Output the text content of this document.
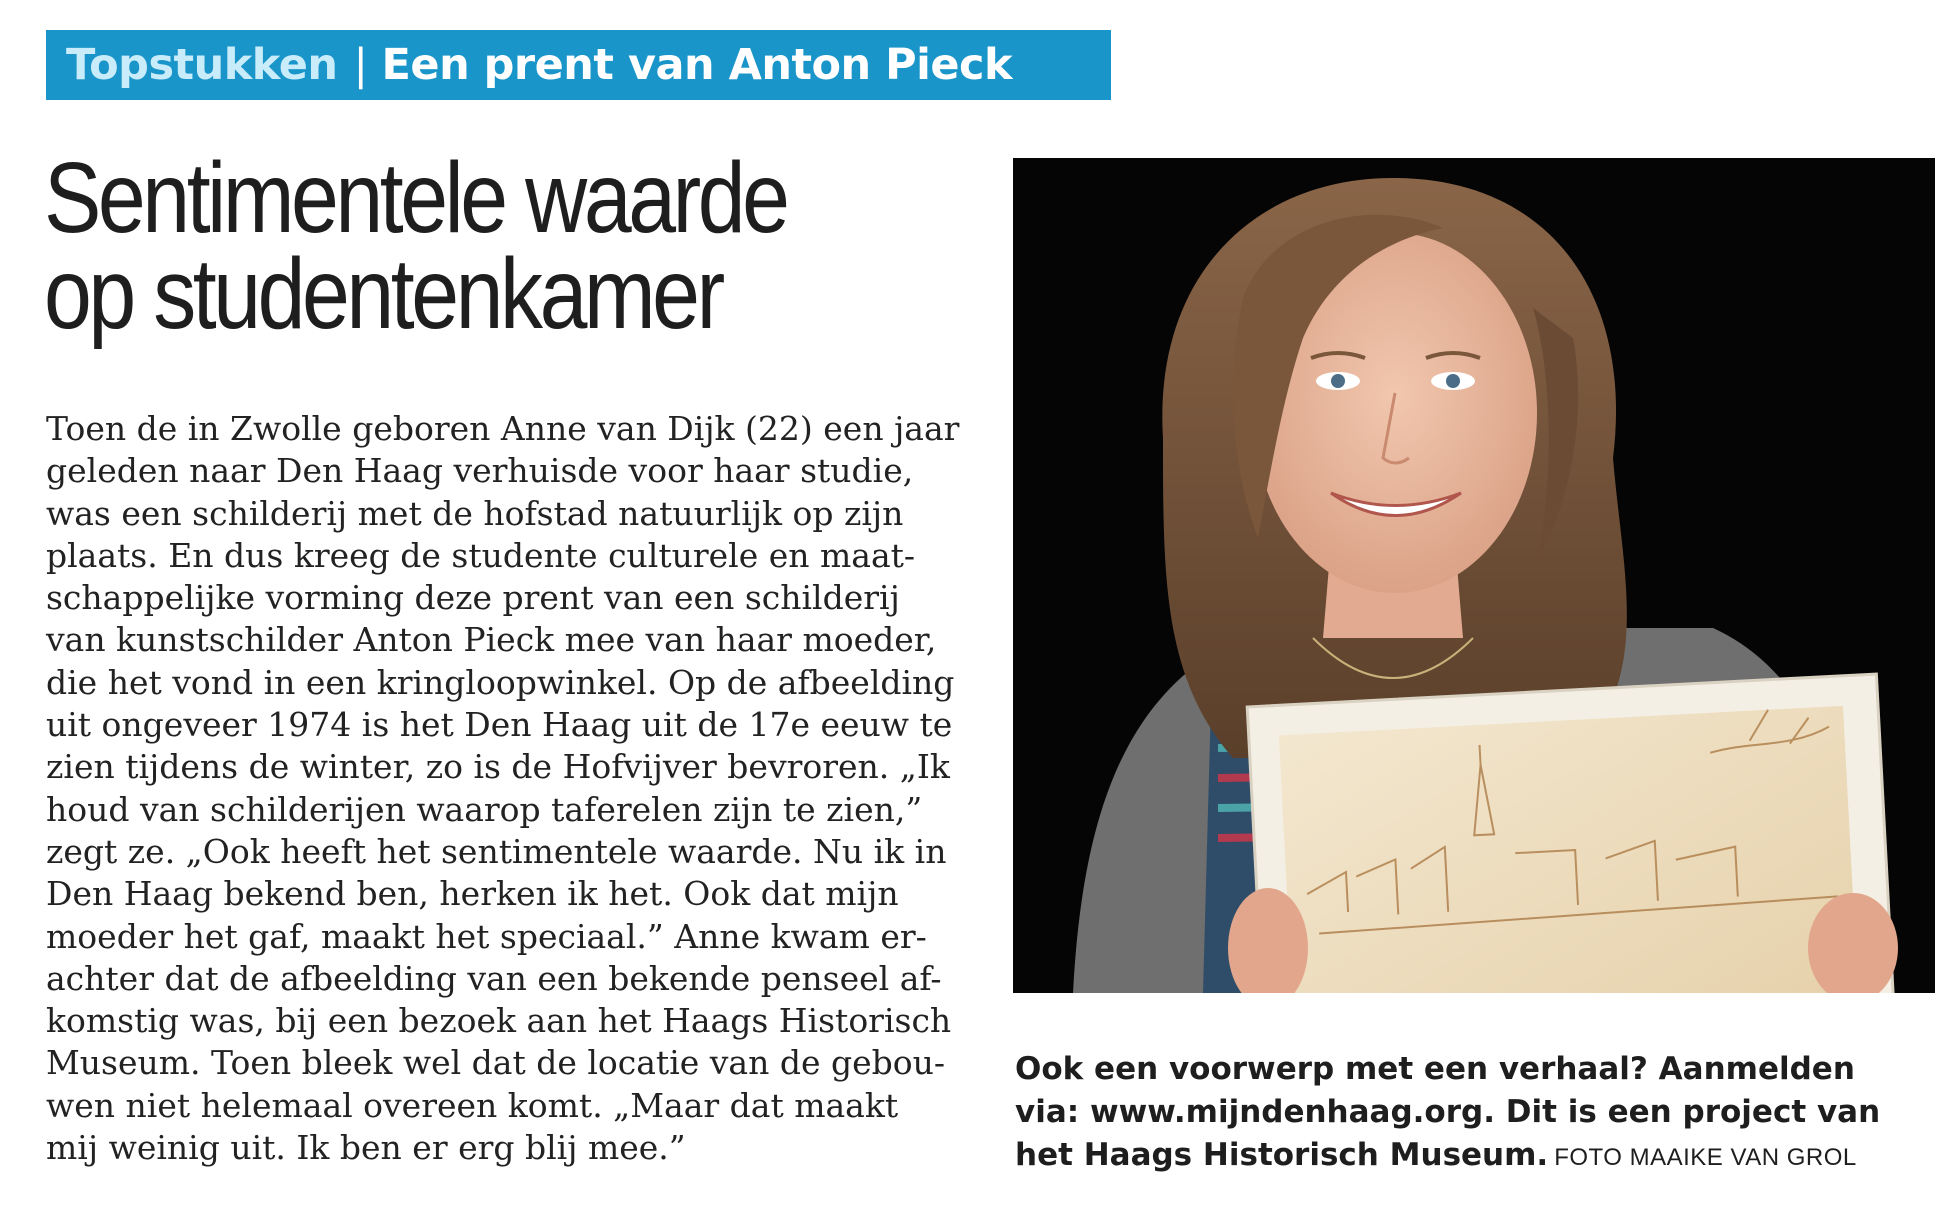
Topstukken | Een prent van Anton Pieck
Sentimentele waarde
op studentenkamer
Toen de in Zwolle geboren Anne van Dijk (22) een jaar
geleden naar Den Haag verhuisde voor haar studie,
was een schilderij met de hofstad natuurlijk op zijn
plaats. En dus kreeg de studente culturele en maat-
schappelijke vorming deze prent van een schilderij
van kunstschilder Anton Pieck mee van haar moeder,
die het vond in een kringloopwinkel. Op de afbeelding
uit ongeveer 1974 is het Den Haag uit de 17e eeuw te
zien tijdens de winter, zo is de Hofvijver bevroren. „Ik
houd van schilderijen waarop taferelen zijn te zien,”
zegt ze. „Ook heeft het sentimentele waarde. Nu ik in
Den Haag bekend ben, herken ik het. Ook dat mijn
moeder het gaf, maakt het speciaal.” Anne kwam er-
achter dat de afbeelding van een bekende penseel af-
komstig was, bij een bezoek aan het Haags Historisch
Museum. Toen bleek wel dat de locatie van de gebou-
wen niet helemaal overeen komt. „Maar dat maakt
mij weinig uit. Ik ben er erg blij mee.”
Ook een voorwerp met een verhaal? Aanmelden
via: www.mijndenhaag.org. Dit is een project van
het Haags Historisch Museum. FOTO MAAIKE VAN GROL
